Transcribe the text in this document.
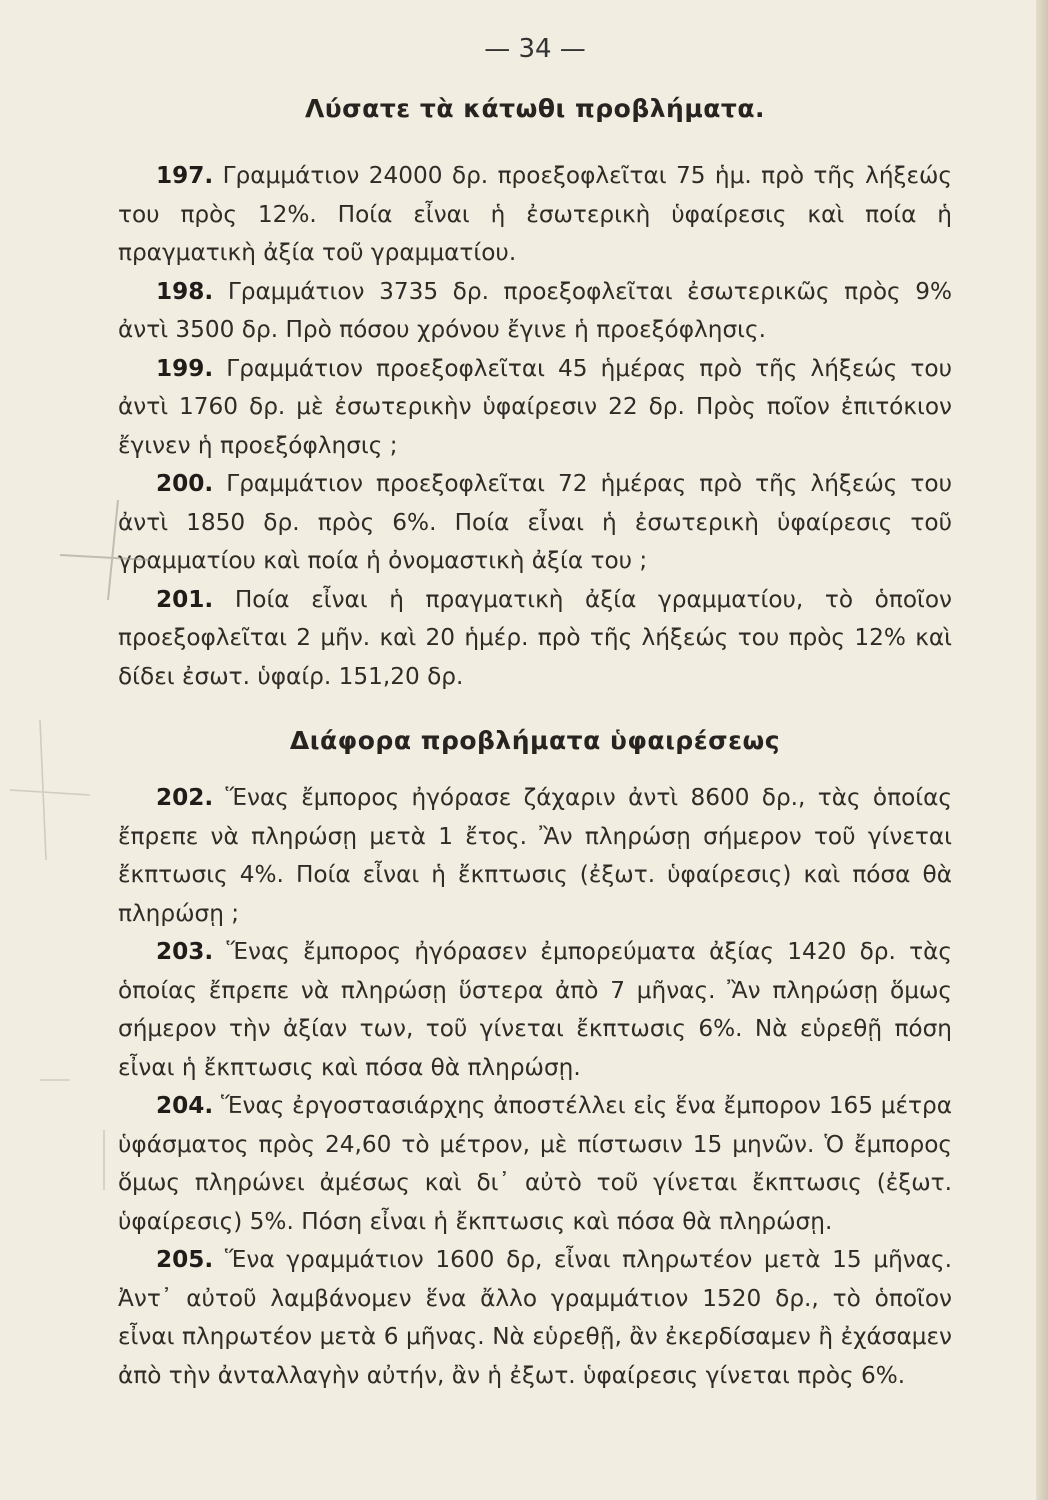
— 34 —
Λύσατε τὰ κάτωθι προβλήματα.

197. Γραμμάτιον 24000 δρ. προεξοφλεῖται 75 ἡμ. πρὸ τῆς λήξεώς του πρὸς 12%. Ποία εἶναι ἡ ἐσωτερικὴ ὑφαίρεσις καὶ ποία ἡ πραγματικὴ ἀξία τοῦ γραμματίου.

198. Γραμμάτιον 3735 δρ. προεξοφλεῖται ἐσωτερικῶς πρὸς 9% ἀντὶ 3500 δρ. Πρὸ πόσου χρόνου ἔγινε ἡ προεξόφλησις.

199. Γραμμάτιον προεξοφλεῖται 45 ἡμέρας πρὸ τῆς λήξεώς του ἀντὶ 1760 δρ. μὲ ἐσωτερικὴν ὑφαίρεσιν 22 δρ. Πρὸς ποῖον ἐπιτόκιον ἔγινεν ἡ προεξόφλησις ;

200. Γραμμάτιον προεξοφλεῖται 72 ἡμέρας πρὸ τῆς λήξεώς του ἀντὶ 1850 δρ. πρὸς 6%. Ποία εἶναι ἡ ἐσωτερικὴ ὑφαίρεσις τοῦ γραμματίου καὶ ποία ἡ ὀνομαστικὴ ἀξία του ;

201. Ποία εἶναι ἡ πραγματικὴ ἀξία γραμματίου, τὸ ὁποῖον προεξοφλεῖται 2 μῆν. καὶ 20 ἡμέρ. πρὸ τῆς λήξεώς του πρὸς 12% καὶ δίδει ἐσωτ. ὑφαίρ. 151,20 δρ.

Διάφορα προβλήματα ὑφαιρέσεως

202. Ἕνας ἔμπορος ἠγόρασε ζάχαριν ἀντὶ 8600 δρ., τὰς ὁποίας ἔπρεπε νὰ πληρώσῃ μετὰ 1 ἔτος. Ἂν πληρώσῃ σήμερον τοῦ γίνεται ἔκπτωσις 4%. Ποία εἶναι ἡ ἔκπτωσις (ἐξωτ. ὑφαίρεσις) καὶ πόσα θὰ πληρώσῃ ;

203. Ἕνας ἔμπορος ἠγόρασεν ἐμπορεύματα ἀξίας 1420 δρ. τὰς ὁποίας ἔπρεπε νὰ πληρώσῃ ὕστερα ἀπὸ 7 μῆνας. Ἂν πληρώσῃ ὅμως σήμερον τὴν ἀξίαν των, τοῦ γίνεται ἔκπτωσις 6%. Νὰ εὑρεθῇ πόση εἶναι ἡ ἔκπτωσις καὶ πόσα θὰ πληρώσῃ.

204. Ἕνας ἐργοστασιάρχης ἀποστέλλει εἰς ἕνα ἔμπορον 165 μέτρα ὑφάσματος πρὸς 24,60 τὸ μέτρον, μὲ πίστωσιν 15 μηνῶν. Ὁ ἔμπορος ὅμως πληρώνει ἀμέσως καὶ δι᾽ αὐτὸ τοῦ γίνεται ἔκπτωσις (ἐξωτ. ὑφαίρεσις) 5%. Πόση εἶναι ἡ ἔκπτωσις καὶ πόσα θὰ πληρώσῃ.

205. Ἕνα γραμμάτιον 1600 δρ, εἶναι πληρωτέον μετὰ 15 μῆνας. Ἀντ᾽ αὐτοῦ λαμβάνομεν ἕνα ἄλλο γραμμάτιον 1520 δρ., τὸ ὁποῖον εἶναι πληρωτέον μετὰ 6 μῆνας. Νὰ εὑρεθῇ, ἂν ἐκερδίσαμεν ἢ ἐχάσαμεν ἀπὸ τὴν ἀνταλλαγὴν αὐτήν, ἂν ἡ ἐξωτ. ὑφαίρεσις γίνεται πρὸς 6%.
